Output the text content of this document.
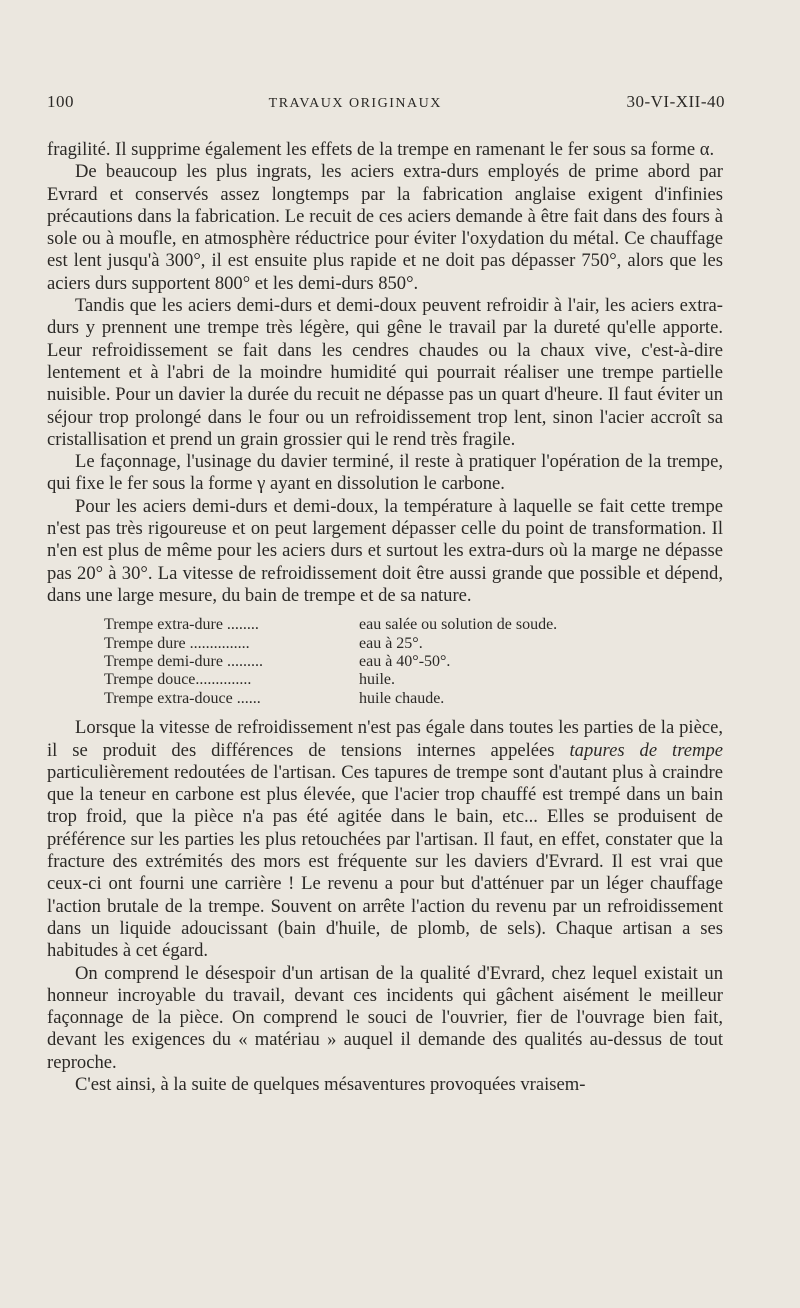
100	TRAVAUX ORIGINAUX	30-VI-XII-40

fragilité. Il supprime également les effets de la trempe en ramenant le fer sous sa forme α.

De beaucoup les plus ingrats, les aciers extra-durs employés de prime abord par Evrard et conservés assez longtemps par la fabrication anglaise exigent d'infinies précautions dans la fabrication. Le recuit de ces aciers demande à être fait dans des fours à sole ou à moufle, en atmosphère réductrice pour éviter l'oxydation du métal. Ce chauffage est lent jusqu'à 300°, il est ensuite plus rapide et ne doit pas dépasser 750°, alors que les aciers durs supportent 800° et les demi-durs 850°.

Tandis que les aciers demi-durs et demi-doux peuvent refroidir à l'air, les aciers extra-durs y prennent une trempe très légère, qui gêne le travail par la dureté qu'elle apporte. Leur refroidissement se fait dans les cendres chaudes ou la chaux vive, c'est-à-dire lentement et à l'abri de la moindre humidité qui pourrait réaliser une trempe partielle nuisible. Pour un davier la durée du recuit ne dépasse pas un quart d'heure. Il faut éviter un séjour trop prolongé dans le four ou un refroidissement trop lent, sinon l'acier accroît sa cristallisation et prend un grain grossier qui le rend très fragile.

Le façonnage, l'usinage du davier terminé, il reste à pratiquer l'opération de la trempe, qui fixe le fer sous la forme γ ayant en dissolution le carbone.

Pour les aciers demi-durs et demi-doux, la température à laquelle se fait cette trempe n'est pas très rigoureuse et on peut largement dépasser celle du point de transformation. Il n'en est plus de même pour les aciers durs et surtout les extra-durs où la marge ne dépasse pas 20° à 30°. La vitesse de refroidissement doit être aussi grande que possible et dépend, dans une large mesure, du bain de trempe et de sa nature.

Trempe extra-dure ........	eau salée ou solution de soude.
Trempe dure ...............	eau à 25°.
Trempe demi-dure .........	eau à 40°-50°.
Trempe douce..............	huile.
Trempe extra-douce ......	huile chaude.

Lorsque la vitesse de refroidissement n'est pas égale dans toutes les parties de la pièce, il se produit des différences de tensions internes appelées tapures de trempe particulièrement redoutées de l'artisan. Ces tapures de trempe sont d'autant plus à craindre que la teneur en carbone est plus élevée, que l'acier trop chauffé est trempé dans un bain trop froid, que la pièce n'a pas été agitée dans le bain, etc... Elles se produisent de préférence sur les parties les plus retouchées par l'artisan. Il faut, en effet, constater que la fracture des extrémités des mors est fréquente sur les daviers d'Evrard. Il est vrai que ceux-ci ont fourni une carrière ! Le revenu a pour but d'atténuer par un léger chauffage l'action brutale de la trempe. Souvent on arrête l'action du revenu par un refroidissement dans un liquide adoucissant (bain d'huile, de plomb, de sels). Chaque artisan a ses habitudes à cet égard.

On comprend le désespoir d'un artisan de la qualité d'Evrard, chez lequel existait un honneur incroyable du travail, devant ces incidents qui gâchent aisément le meilleur façonnage de la pièce. On comprend le souci de l'ouvrier, fier de l'ouvrage bien fait, devant les exigences du « matériau » auquel il demande des qualités au-dessus de tout reproche.

C'est ainsi, à la suite de quelques mésaventures provoquées vraisem-
